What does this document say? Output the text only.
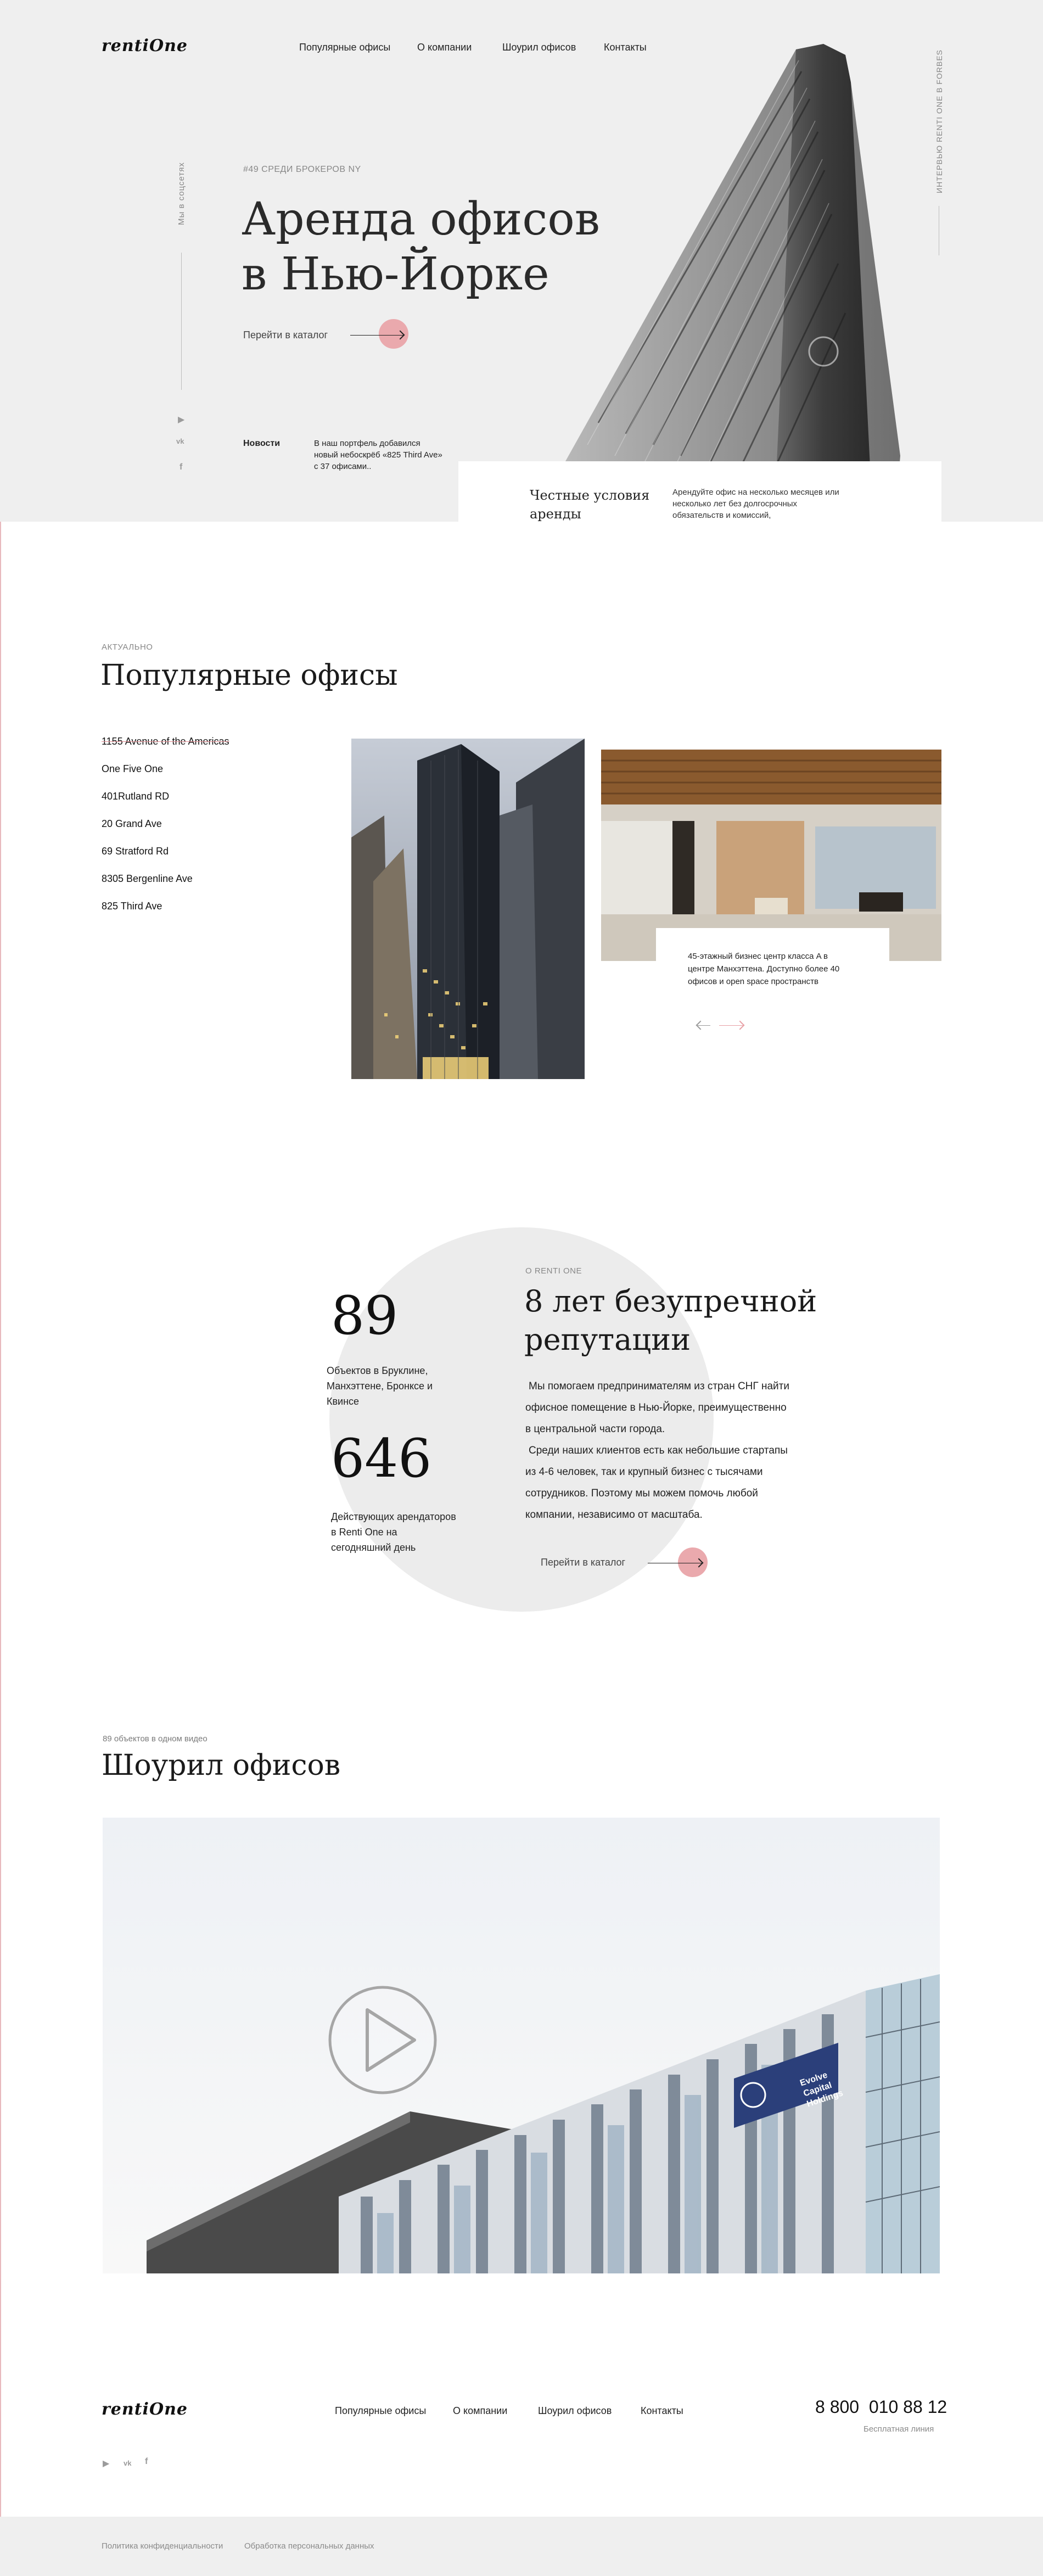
rentiOne	Популярные офисы	О компании	Шоурил офисов	Контакты
Мы в соцсетях
▶
vk
f
ИНТЕРВЬЮ RENTI ONE В FORBES
#49 СРЕДИ БРОКЕРОВ NY
Аренда офисов
в Нью-Йорке
Перейти в каталог
Новости	В наш портфель добавился новый небоскрёб «825 Third Ave» с 37 офисами..
Честные условия аренды
Арендуйте офис на несколько месяцев или несколько лет без долгосрочных обязательств и комиссий,
АКТУАЛЬНО
Популярные офисы
1155 Avenue of the Americas
One Five One
401Rutland RD
20 Grand Ave
69 Stratford Rd
8305 Bergenline Ave
825 Third Ave
45-этажный бизнес центр класса A в центре Манхэттена. Доступно более 40 офисов и open space пространств
89
Объектов в Бруклине, Манхэттене, Бронксе и Квинсе
646
Действующих арендаторов в Renti One на сегодняшний день
О RENTI ONE
8 лет безупречной
репутации

Мы помогаем предпринимателям из стран СНГ найти офисное помещение в Нью-Йорке, преимущественно в центральной части города.

Среди наших клиентов есть как небольшие стартапы из 4-6 человек, так и крупный бизнес с тысячами сотрудников. Поэтому мы можем помочь любой компании, независимо от масштаба.

Перейти в каталог
89 объектов в одном видео
Шоурил офисов
Evolve Capital Holdings
rentiOne	Популярные офисы	О компании	Шоурил офисов	Контакты	8 800  010 88 12
Бесплатная линия
▶ vk f
Политика конфиденциальности	Обработка персональных данных
